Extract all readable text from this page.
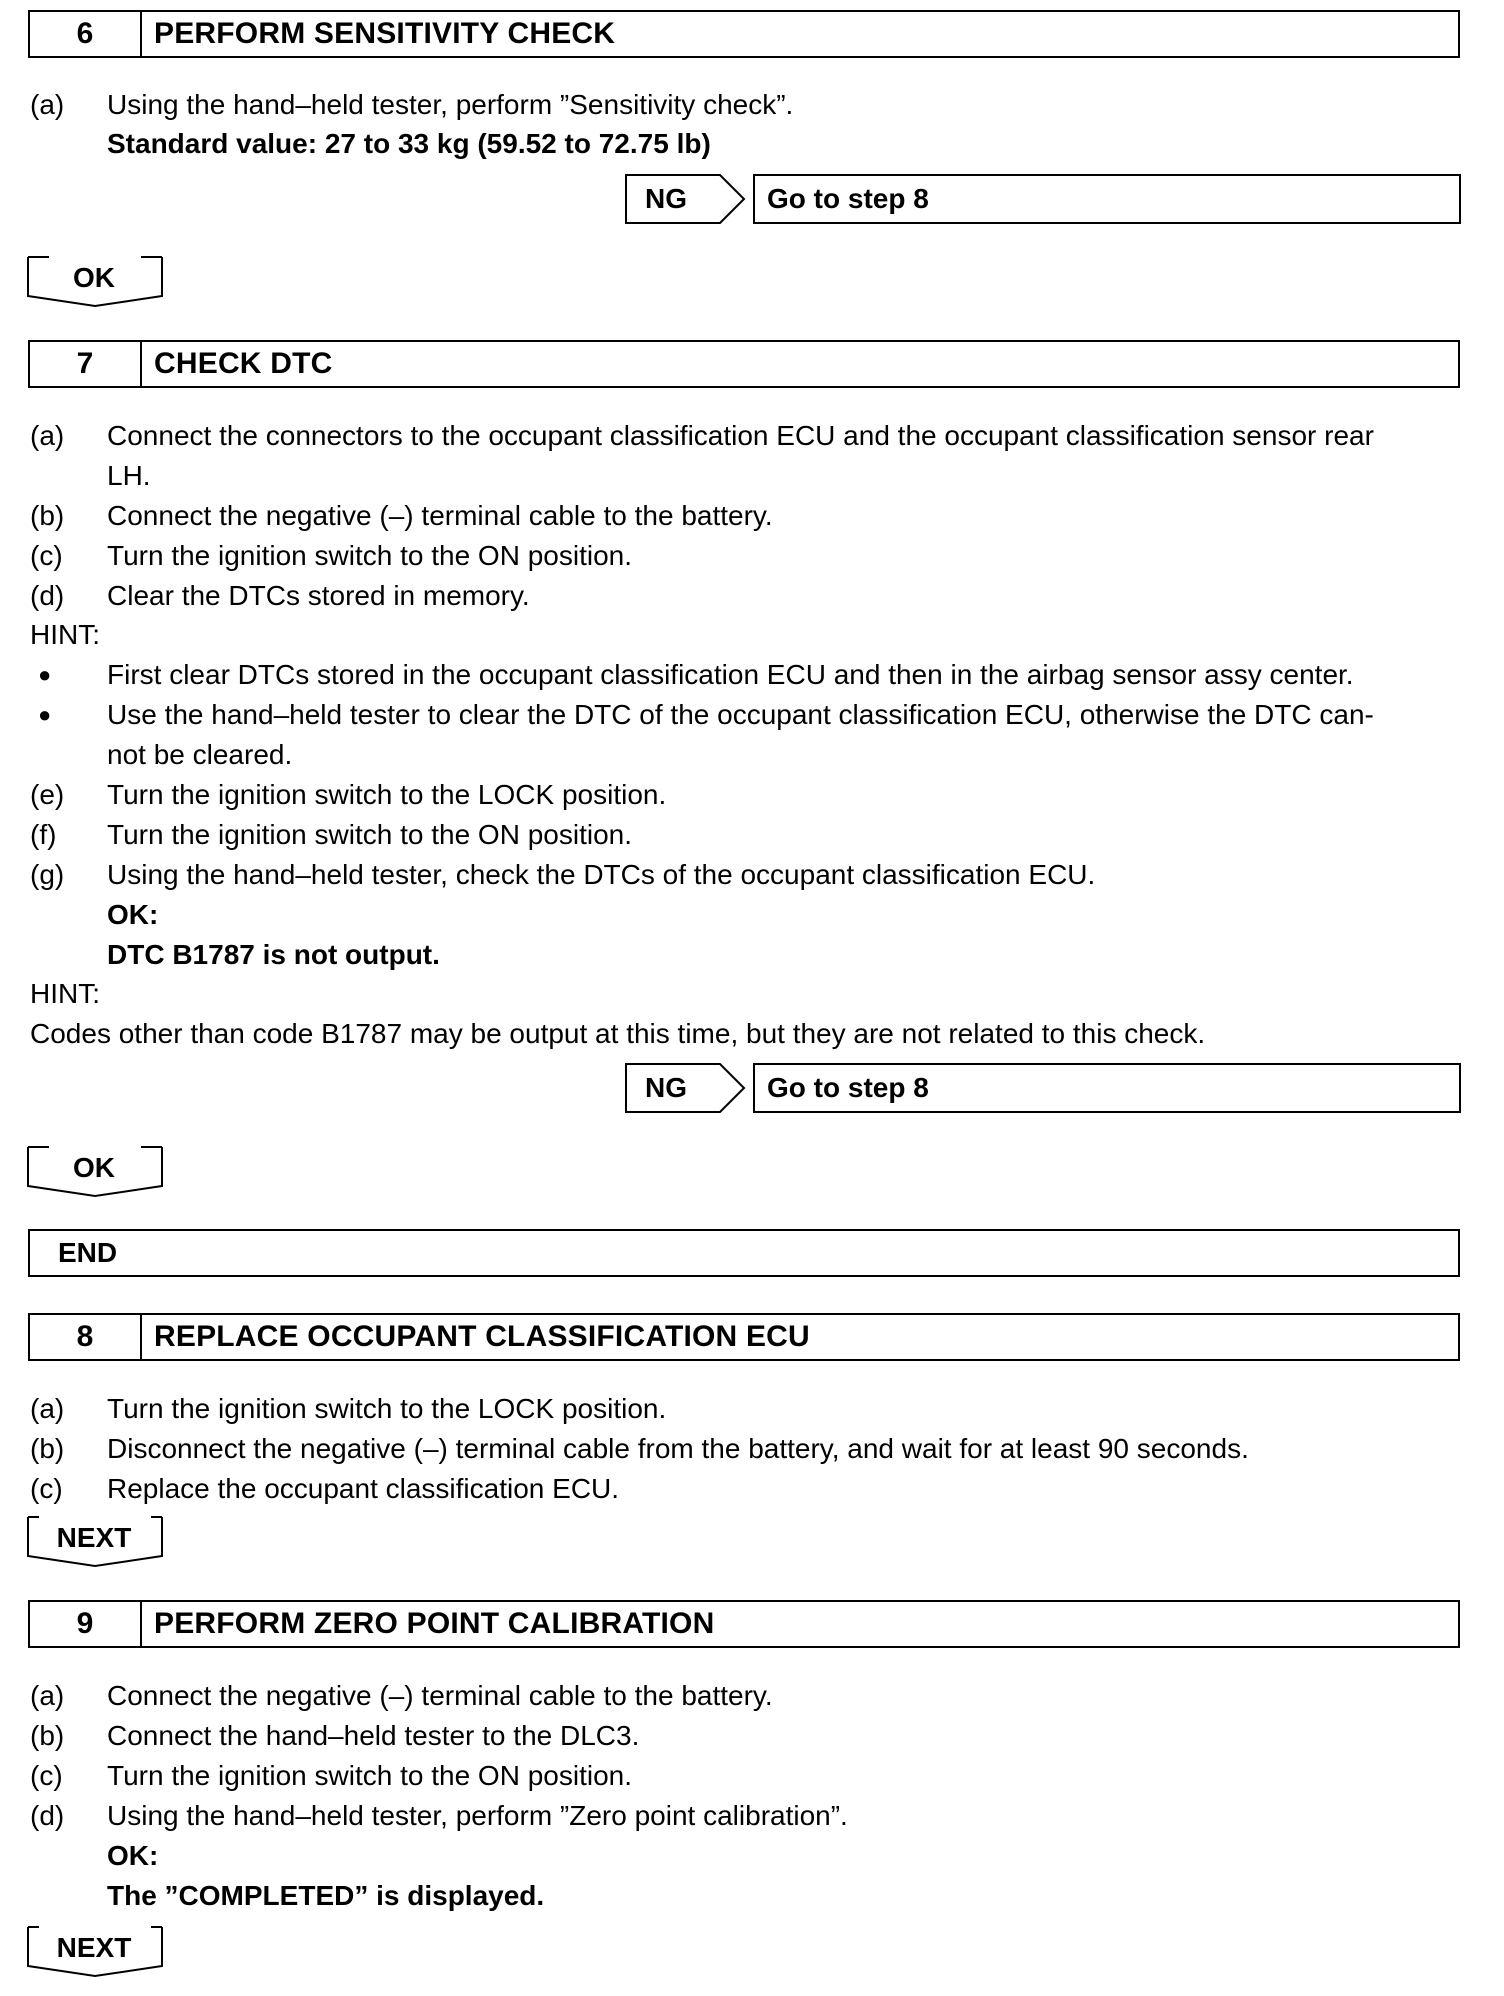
6	PERFORM SENSITIVITY CHECK
(a) Using the hand–held tester, perform ”Sensitivity check”.
Standard value: 27 to 33 kg (59.52 to 72.75 lb)
NG	Go to step 8
OK
7	CHECK DTC
(a) Connect the connectors to the occupant classification ECU and the occupant classification sensor rear
LH.
(b) Connect the negative (–) terminal cable to the battery.
(c) Turn the ignition switch to the ON position.
(d) Clear the DTCs stored in memory.
HINT:
● First clear DTCs stored in the occupant classification ECU and then in the airbag sensor assy center.
● Use the hand–held tester to clear the DTC of the occupant classification ECU, otherwise the DTC can-
not be cleared.
(e) Turn the ignition switch to the LOCK position.
(f) Turn the ignition switch to the ON position.
(g) Using the hand–held tester, check the DTCs of the occupant classification ECU.
OK:
DTC B1787 is not output.
HINT:
Codes other than code B1787 may be output at this time, but they are not related to this check.
NG	Go to step 8
OK
END
8	REPLACE OCCUPANT CLASSIFICATION ECU
(a) Turn the ignition switch to the LOCK position.
(b) Disconnect the negative (–) terminal cable from the battery, and wait for at least 90 seconds.
(c) Replace the occupant classification ECU.
NEXT
9	PERFORM ZERO POINT CALIBRATION
(a) Connect the negative (–) terminal cable to the battery.
(b) Connect the hand–held tester to the DLC3.
(c) Turn the ignition switch to the ON position.
(d) Using the hand–held tester, perform ”Zero point calibration”.
OK:
The ”COMPLETED” is displayed.
NEXT
